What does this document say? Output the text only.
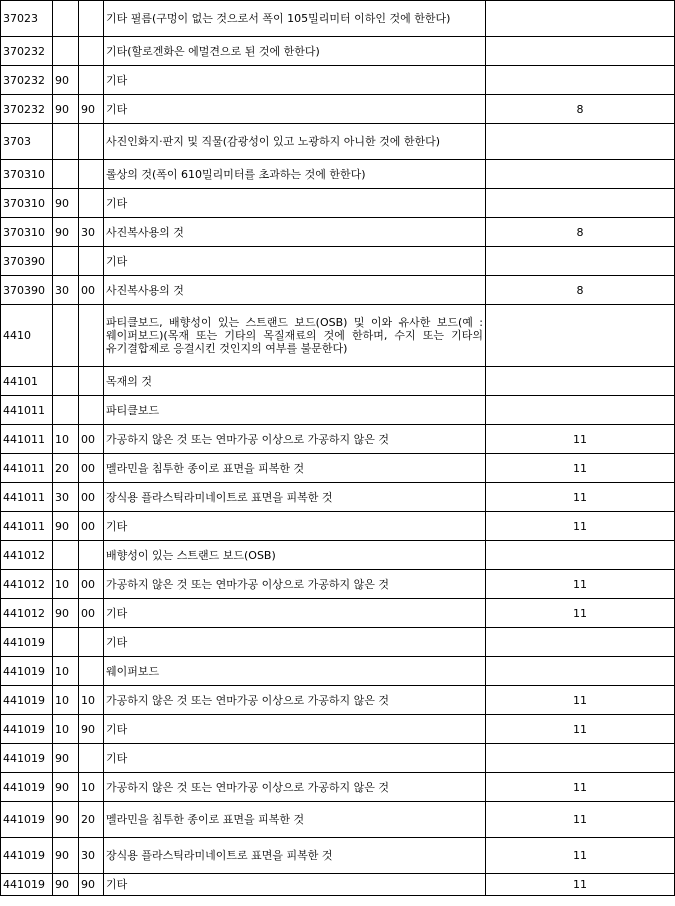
37023			기타 필름(구멍이 없는 것으로서 폭이 105밀리미터 이하인 것에 한한다)	
370232			기타(할로겐화은 에멀견으로 된 것에 한한다)	
370232	90		기타	
370232	90	90	기타	8
3703			사진인화지·판지 및 직물(감광성이 있고 노광하지 아니한 것에 한한다)	
370310			롤상의 것(폭이 610밀리미터를 초과하는 것에 한한다)	
370310	90		기타	
370310	90	30	사진복사용의 것	8
370390			기타	
370390	30	00	사진복사용의 것	8
4410			파티클보드, 배향성이 있는 스트랜드 보드(OSB) 및 이와 유사한 보드(예 : 웨이퍼보드)(목재 또는 기타의 목질재료의 것에 한하며, 수지 또는 기타의 유기결합제로 응결시킨 것인지의 여부를 불문한다)	
44101			목재의 것	
441011			파티클보드	
441011	10	00	가공하지 않은 것 또는 연마가공 이상으로 가공하지 않은 것	11
441011	20	00	멜라민을 침투한 종이로 표면을 피복한 것	11
441011	30	00	장식용 플라스틱라미네이트로 표면을 피복한 것	11
441011	90	00	기타	11
441012			배향성이 있는 스트랜드 보드(OSB)	
441012	10	00	가공하지 않은 것 또는 연마가공 이상으로 가공하지 않은 것	11
441012	90	00	기타	11
441019			기타	
441019	10		웨이퍼보드	
441019	10	10	가공하지 않은 것 또는 연마가공 이상으로 가공하지 않은 것	11
441019	10	90	기타	11
441019	90		기타	
441019	90	10	가공하지 않은 것 또는 연마가공 이상으로 가공하지 않은 것	11
441019	90	20	멜라민을 침투한 종이로 표면을 피복한 것	11
441019	90	30	장식용 플라스틱라미네이트로 표면을 피복한 것	11
441019	90	90	기타	11
